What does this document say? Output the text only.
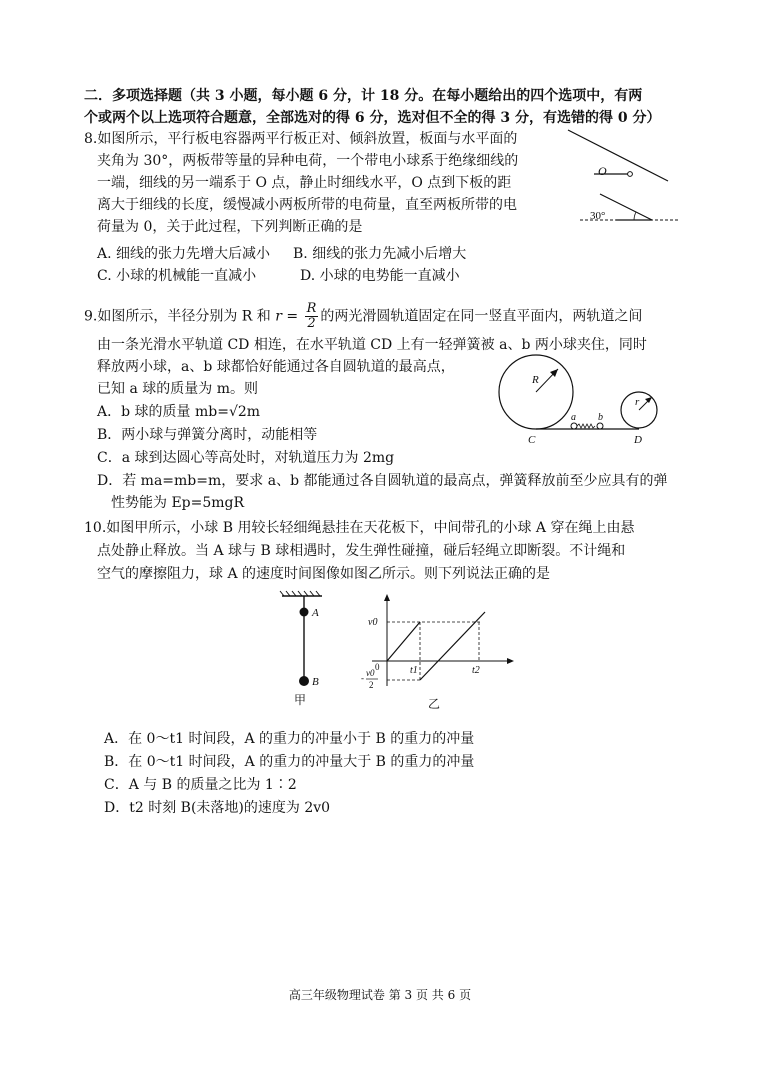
二．多项选择题（共 3 小题，每小题 6 分，计 18 分。在每小题给出的四个选项中，有两
个或两个以上选项符合题意，全部选对的得 6 分，选对但不全的得 3 分，有选错的得 0 分）
8.如图所示，平行板电容器两平行板正对、倾斜放置，板面与水平面的
夹角为 30°，两板带等量的异种电荷，一个带电小球系于绝缘细线的
一端，细线的另一端系于 O 点，静止时细线水平，O 点到下板的距
离大于细线的长度，缓慢减小两板所带的电荷量，直至两板所带的电
荷量为 0，关于此过程，下列判断正确的是
A. 细线的张力先增大后减小 B. 细线的张力先减小后增大
C. 小球的机械能一直减小	D. 小球的电势能一直减小
O
30°
9.如图所示，半径分别为 R 和 $r = \frac{R}{2}$ 的两光滑圆轨道固定在同一竖直平面内，两轨道之间
由一条光滑水平轨道 CD 相连，在水平轨道 CD 上有一轻弹簧被 a、b 两小球夹住，同时
释放两小球，a、b 球都恰好能通过各自圆轨道的最高点，
已知 a 球的质量为 m。则
A．b 球的质量 mb=√2m
B．两小球与弹簧分离时，动能相等
C．a 球到达圆心等高处时，对轨道压力为 2mg
D．若 ma=mb=m，要求 a、b 都能通过各自圆轨道的最高点，弹簧释放前至少应具有的弹
性势能为 Ep=5mgR
R
r
a b
C	D
10.如图甲所示，小球 B 用较长轻细绳悬挂在天花板下，中间带孔的小球 A 穿在绳上由悬
点处静止释放。当 A 球与 B 球相遇时，发生弹性碰撞，碰后轻绳立即断裂。不计绳和
空气的摩擦阻力，球 A 的速度时间图像如图乙所示。则下列说法正确的是
A
B
甲
v0
0	t1	t2
- v0
2
乙
A．在 0～t1 时间段，A 的重力的冲量小于 B 的重力的冲量
B．在 0～t1 时间段，A 的重力的冲量大于 B 的重力的冲量
C．A 与 B 的质量之比为 1∶2
D．t2 时刻 B(未落地)的速度为 2v0
高三年级物理试卷 第 3 页 共 6 页
